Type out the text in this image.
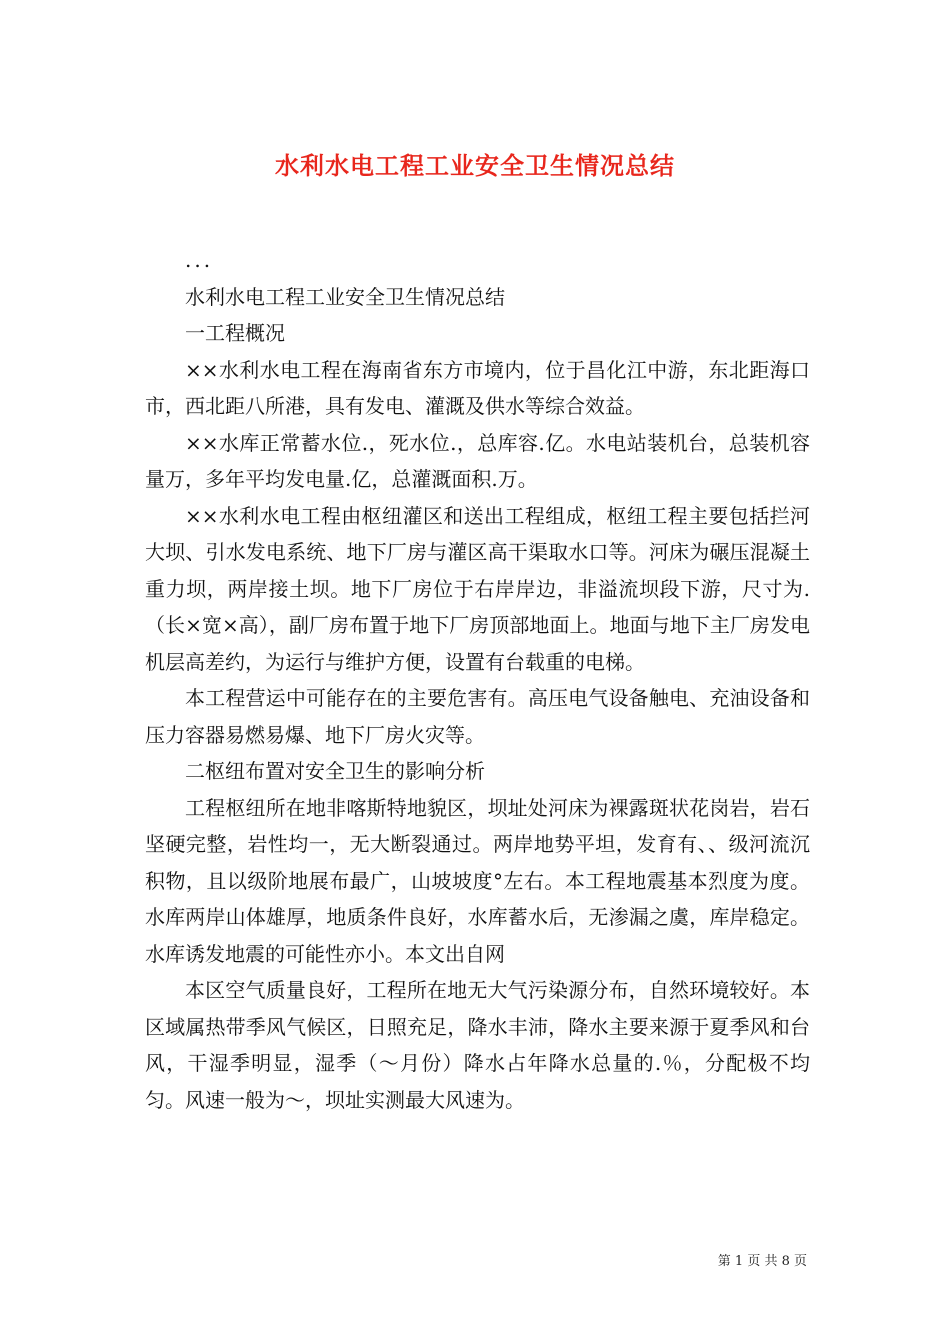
水利水电工程工业安全卫生情况总结

...

水利水电工程工业安全卫生情况总结

一工程概况

××水利水电工程在海南省东方市境内，位于昌化江中游，东北距海口市，西北距八所港，具有发电、灌溉及供水等综合效益。

××水库正常蓄水位.，死水位.，总库容.亿。水电站装机台，总装机容量万，多年平均发电量.亿，总灌溉面积.万。

××水利水电工程由枢纽灌区和送出工程组成，枢纽工程主要包括拦河大坝、引水发电系统、地下厂房与灌区高干渠取水口等。河床为碾压混凝土重力坝，两岸接土坝。地下厂房位于右岸岸边，非溢流坝段下游，尺寸为.（长×宽×高），副厂房布置于地下厂房顶部地面上。地面与地下主厂房发电机层高差约，为运行与维护方便，设置有台载重的电梯。

本工程营运中可能存在的主要危害有。高压电气设备触电、充油设备和压力容器易燃易爆、地下厂房火灾等。

二枢纽布置对安全卫生的影响分析

工程枢纽所在地非喀斯特地貌区，坝址处河床为裸露斑状花岗岩，岩石坚硬完整，岩性均一，无大断裂通过。两岸地势平坦，发育有、、级河流沉积物，且以级阶地展布最广，山坡坡度°左右。本工程地震基本烈度为度。水库两岸山体雄厚，地质条件良好，水库蓄水后，无渗漏之虞，库岸稳定。水库诱发地震的可能性亦小。本文出自网

本区空气质量良好，工程所在地无大气污染源分布，自然环境较好。本区域属热带季风气候区，日照充足，降水丰沛，降水主要来源于夏季风和台风，干湿季明显，湿季（～月份）降水占年降水总量的.％，分配极不均匀。风速一般为～，坝址实测最大风速为。

第 1 页 共 8 页
